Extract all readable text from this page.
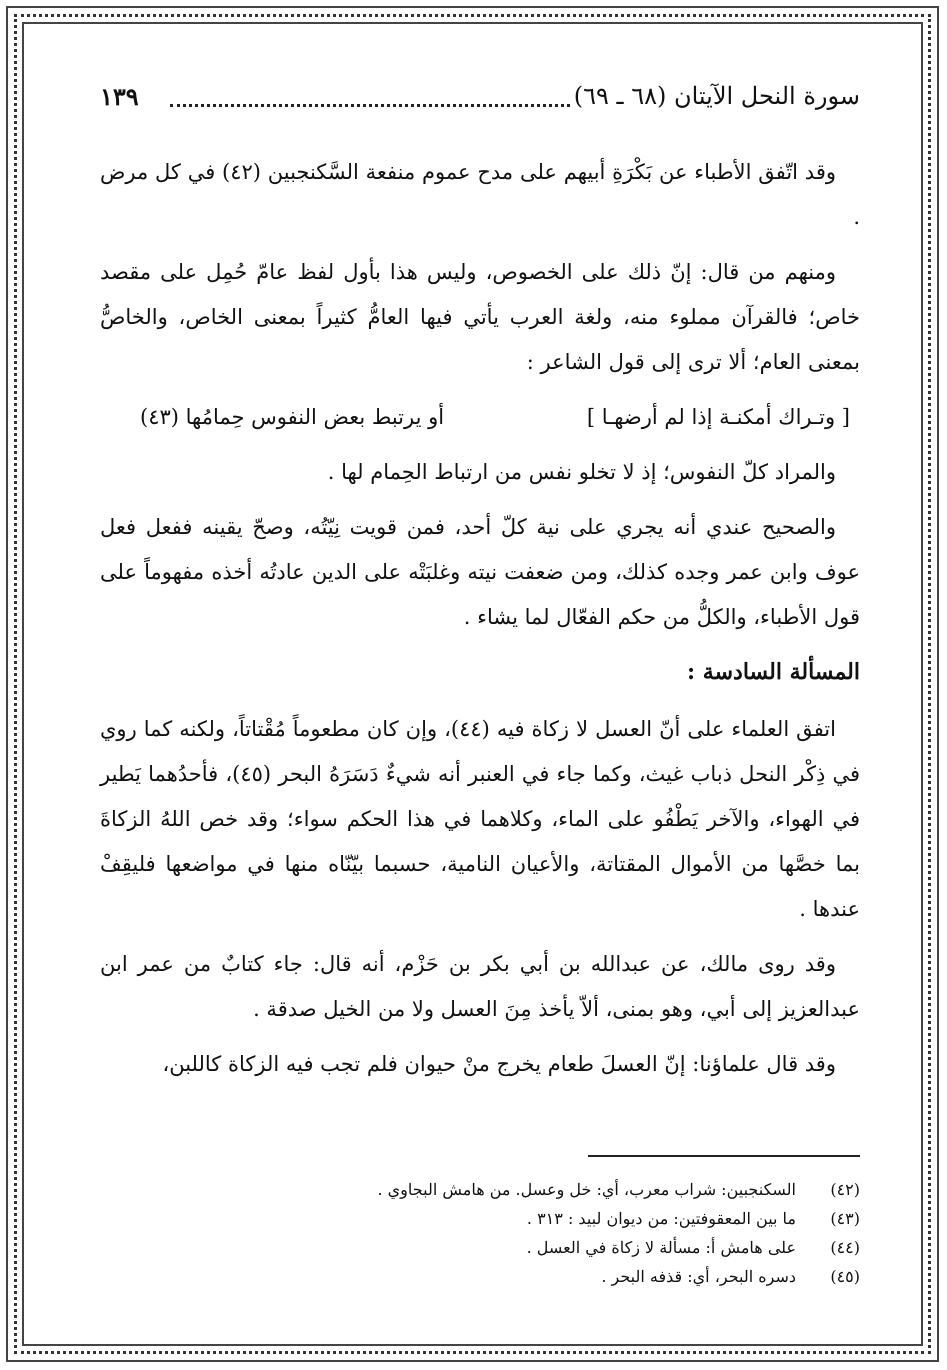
سورة النحل الآيتان (٦٨ ـ ٦٩)
١٣٩

وقد اتّفق الأطباء عن بَكْرَةِ أبيهم على مدح عموم منفعة السَّكنجبين (٤٢) في كل مرض .

ومنهم من قال: إنّ ذلك على الخصوص، وليس هذا بأول لفظ عامّ حُمِل على مقصد خاص؛ فالقرآن مملوء منه، ولغة العرب يأتي فيها العامُّ كثيراً بمعنى الخاص، والخاصُّ بمعنى العام؛ ألا ترى إلى قول الشاعر :

[ وتـراك أمكنـة إذا لم أرضهـا ]
أو يرتبط بعض النفوس حِمامُها (٤٣)

والمراد كلّ النفوس؛ إذ لا تخلو نفس من ارتباط الحِمام لها .

والصحيح عندي أنه يجري على نية كلّ أحد، فمن قويت نِيّتُه، وصحّ يقينه ففعل فعل عوف وابن عمر وجده كذلك، ومن ضعفت نيته وغلبَتْه على الدين عادتُه أخذه مفهوماً على قول الأطباء، والكلُّ من حكم الفعّال لما يشاء .

المسألة السادسة :

اتفق العلماء على أنّ العسل لا زكاة فيه (٤٤)، وإن كان مطعوماً مُقْتاتاً، ولكنه كما روي في ذِكْر النحل ذباب غيث، وكما جاء في العنبر أنه شيءٌ دَسَرَهُ البحر (٤٥)، فأحدُهما يَطير في الهواء، والآخر يَطْفُو على الماء، وكلاهما في هذا الحكم سواء؛ وقد خص اللهُ الزكاةَ بما خصَّها من الأموال المقتاتة، والأعيان النامية، حسبما بيّنّاه منها في مواضعها فليقِفْ عندها .

وقد روى مالك، عن عبدالله بن أبي بكر بن حَزْم، أنه قال: جاء كتابٌ من عمر ابن عبدالعزيز إلى أبي، وهو بمنى، ألاّ يأخذ مِنَ العسل ولا من الخيل صدقة .

وقد قال علماؤنا: إنّ العسلَ طعام يخرج منْ حيوان فلم تجب فيه الزكاة كاللبن،

(٤٢)
السكنجبين: شراب معرب، أي: خل وعسل. من هامش البجاوي .
(٤٣)
ما بين المعقوفتين: من ديوان لبيد : ٣١٣ .
(٤٤)
على هامش أ: مسألة لا زكاة في العسل .
(٤٥)
دسره البحر، أي: قذفه البحر .
